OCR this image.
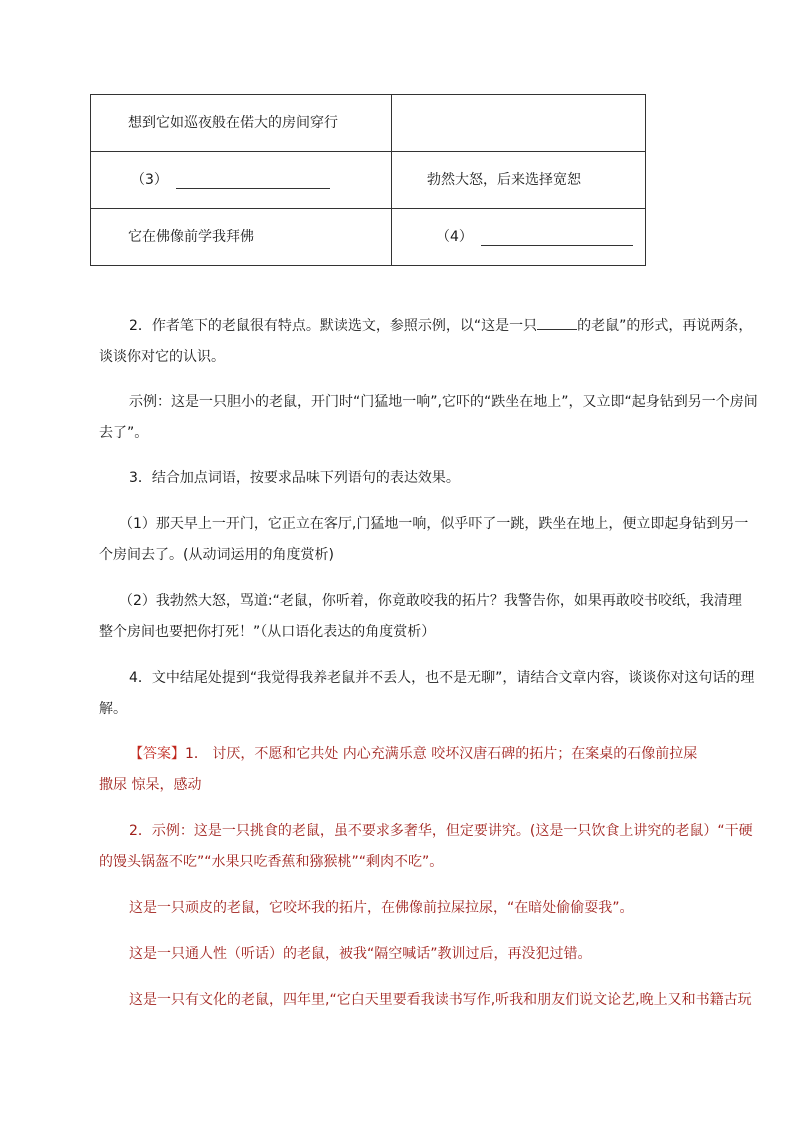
想到它如巡夜般在偌大的房间穿行	
（3）	勃然大怒，后来选择宽恕
它在佛像前学我拜佛	（4）

2．作者笔下的老鼠很有特点。默读选文，参照示例，以“这是一只	的老鼠”的形式，再说两条，

谈谈你对它的认识。

示例：这是一只胆小的老鼠，开门时“门猛地一响”,它吓的“跌坐在地上”，又立即“起身钻到另一个房间

去了”。

3．结合加点词语，按要求品味下列语句的表达效果。

（1）那天早上一开门，它正立在客厅,门猛地一响，似乎吓了一跳，跌坐在地上，便立即起身钻到另一

个房间去了。(从动词运用的角度赏析)

（2）我勃然大怒，骂道:“老鼠，你听着，你竟敢咬我的拓片？我警告你，如果再敢咬书咬纸，我清理

整个房间也要把你打死！”（从口语化表达的角度赏析）

4．文中结尾处提到“我觉得我养老鼠并不丢人，也不是无聊”，请结合文章内容，谈谈你对这句话的理

解。

【答案】1． 讨厌，不愿和它共处 内心充满乐意 咬坏汉唐石碑的拓片；在案桌的石像前拉屎

撒尿 惊呆，感动

2．示例：这是一只挑食的老鼠，虽不要求多奢华，但定要讲究。(这是一只饮食上讲究的老鼠）“干硬

的馒头锅盔不吃”“水果只吃香蕉和猕猴桃”“剩肉不吃”。

这是一只顽皮的老鼠，它咬坏我的拓片，在佛像前拉屎拉尿，“在暗处偷偷耍我”。

这是一只通人性（听话）的老鼠，被我“隔空喊话”教训过后，再没犯过错。

这是一只有文化的老鼠，四年里,“它白天里要看我读书写作,听我和朋友们说文论艺,晚上又和书籍古玩
